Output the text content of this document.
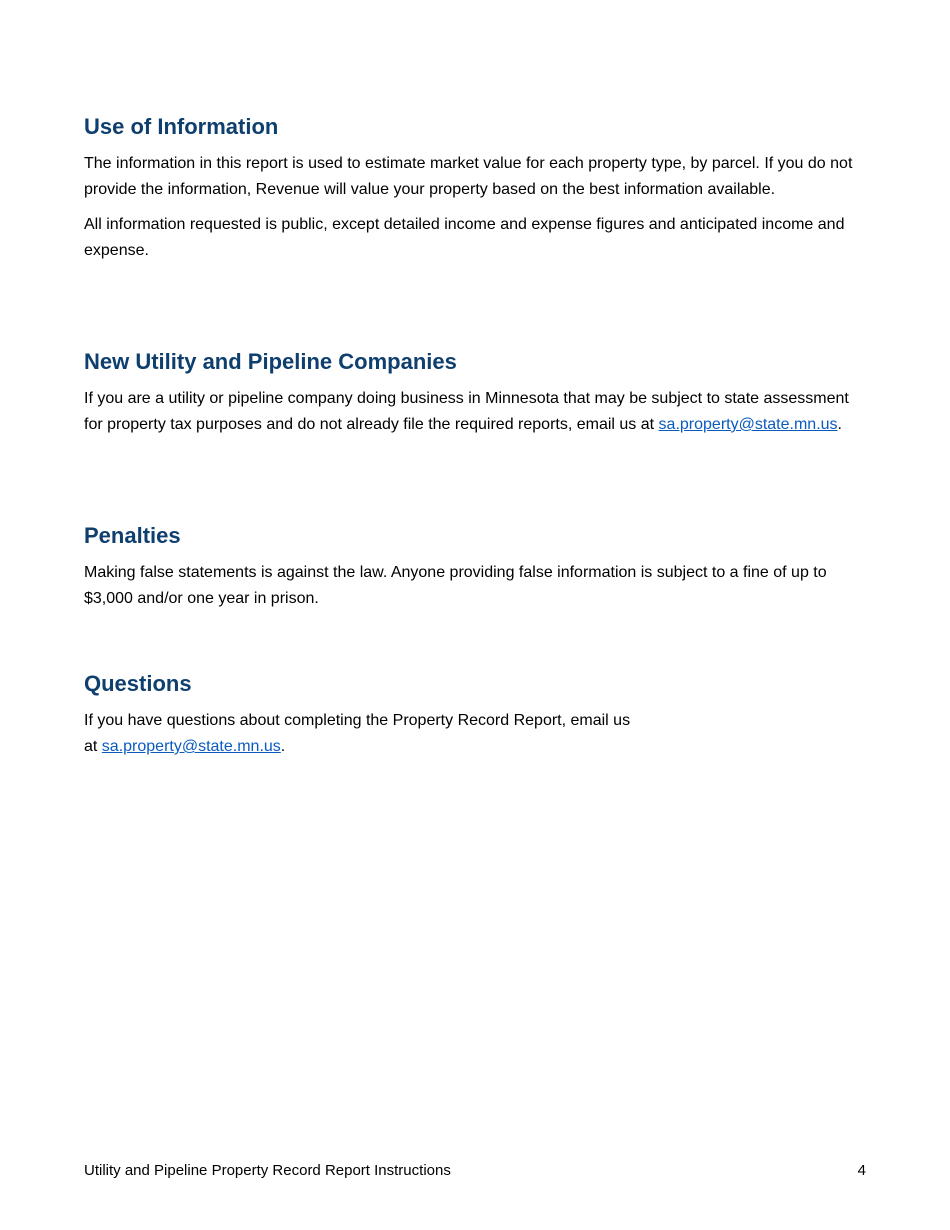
Use of Information

The information in this report is used to estimate market value for each property type, by parcel. If you do not provide the information, Revenue will value your property based on the best information available.

All information requested is public, except detailed income and expense figures and anticipated income and expense.

New Utility and Pipeline Companies

If you are a utility or pipeline company doing business in Minnesota that may be subject to state assessment for property tax purposes and do not already file the required reports, email us at sa.property@state.mn.us.

Penalties

Making false statements is against the law. Anyone providing false information is subject to a fine of up to $3,000 and/or one year in prison.

Questions

If you have questions about completing the Property Record Report, email us
at sa.property@state.mn.us.

Utility and Pipeline Property Record Report Instructions	4
